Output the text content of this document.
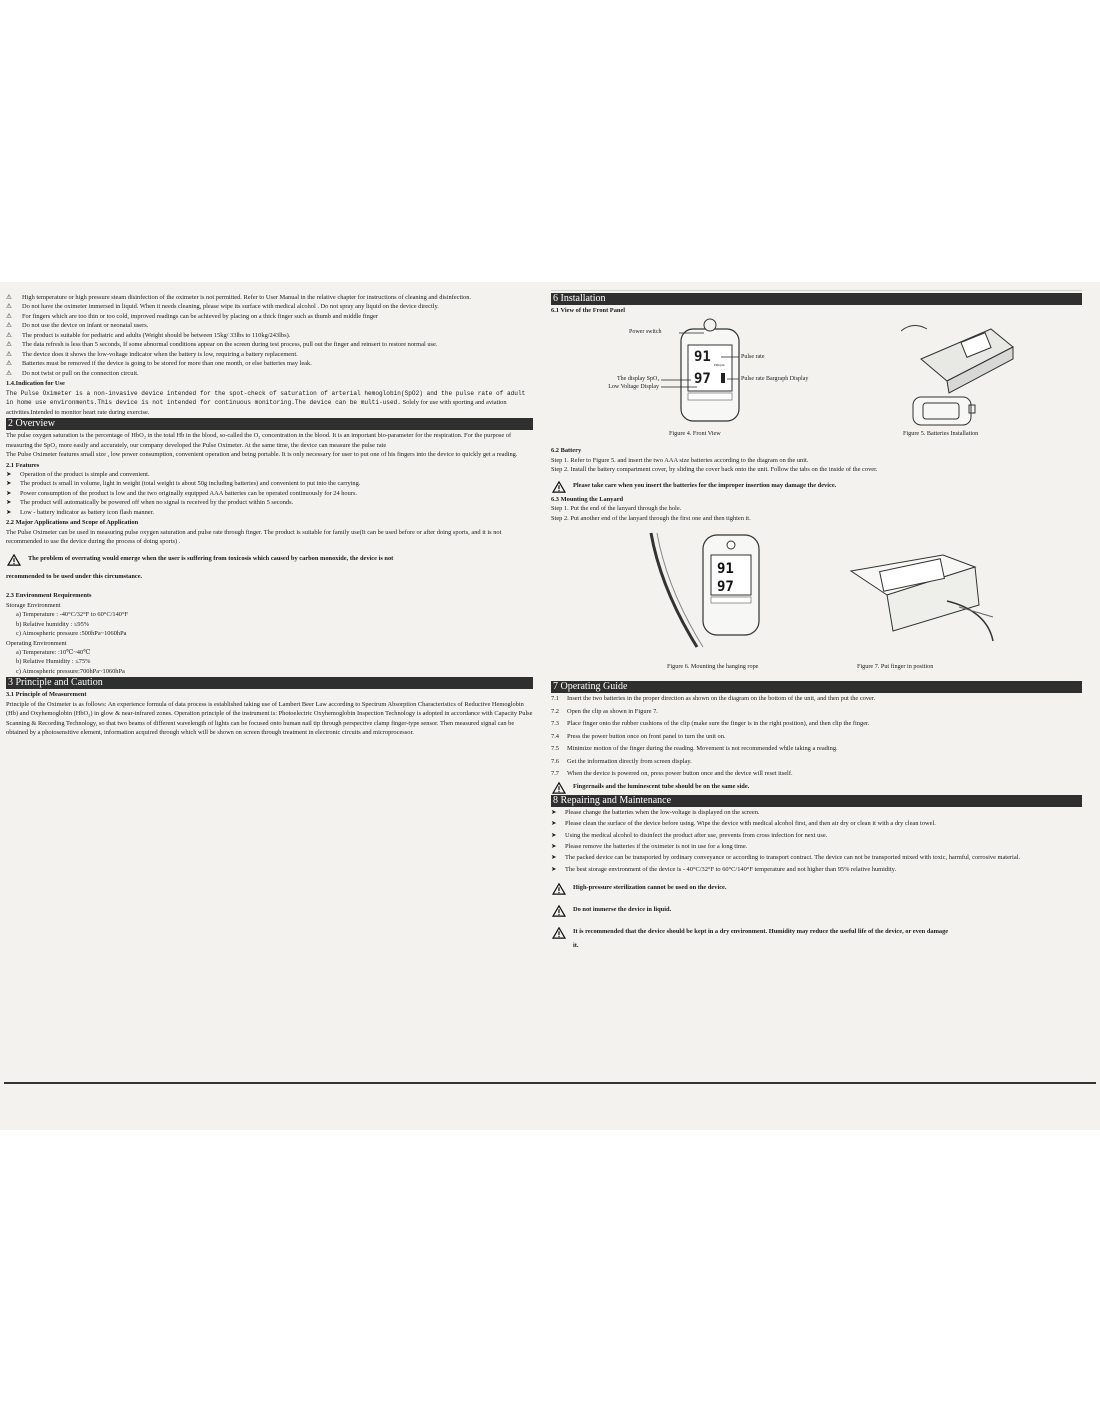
⚠ High temperature or high pressure steam disinfection of the oximeter is not permitted. Refer to User Manual in the relative chapter for instructions of cleaning and disinfection.
⚠ Do not have the oximeter immersed in liquid. When it needs cleaning, please wipe its surface with medical alcohol . Do not spray any liquid on the device directly.
⚠ For fingers which are too thin or too cold, improved readings can be achieved by placing on a thick finger such as thumb and middle finger
⚠ Do not use the device on infant or neonatal users.
⚠ The product is suitable for pediatric and adults (Weight should be between 15kg/ 33lbs to 110kg/243lbs).
⚠ The data refresh is less than 5 seconds, If some abnormal conditions appear on the screen during test process, pull out the finger and reinsert to restore normal use.
⚠ The device does it shows the low-voltage indicator when the battery is low, requiring a battery replacement.
⚠ Batteries must be removed if the device is going to be stored for more than one month, or else batteries may leak.
⚠ Do not twist or pull on the connection circuit.
1.4.Indication for Use
The Pulse Oximeter is a non-invasive device intended for the spot-check of saturation of arterial hemoglobin(SpO2) and the pulse rate of adult in home use environments.This device is not intended for continuous monitoring.The device can be multi-used. Solely for use with sporting and aviation activities.Intended to monitor heart rate during exercise.
2 Overview

The pulse oxygen saturation is the percentage of HbO₂ in the total Hb in the blood, so-called the O₂ concentration in the blood. It is an important bio-parameter for the respiration. For the purpose of measuring the SpO₂ more easily and accurately, our company developed the Pulse Oximeter. At the same time, the device can measure the pulse rate

The Pulse Oximeter features small size , low power consumption, convenient operation and being portable. It is only necessary for user to put one of his fingers into the device to quickly get a reading.

2.1 Features
➤ Operation of the product is simple and convenient.
➤ The product is small in volume, light in weight (total weight is about 50g including batteries) and convenient to put into the carrying.
➤ Power consumption of the product is low and the two originally equipped AAA batteries can be operated continuously for 24 hours.
➤ The product will automatically be powered off when no signal is received by the product within 5 seconds.
➤ Low - battery indicator as battery icon flash manner.
2.2 Major Applications and Scope of Application

The Pulse Oximeter can be used in measuring pulse oxygen saturation and pulse rate through finger. The product is suitable for family use(It can be used before or after doing sports, and it is not recommended to use the device during the process of doing sports) .

The problem of overrating would emerge when the user is suffering from toxicosis which caused by carbon monoxide, the device is not
recommended to be used under this circumstance.
2.3 Environment Requirements
Storage Environment
a) Temperature : -40°C/32°F to 60°C/140°F
b) Relative humidity : ≤95%
c) Atmospheric pressure :500hPa~1060hPa
Operating Environment
a) Temperature: :10℃~40℃
b) Relative Humidity : ≤75%
c) Atmospheric pressure:700hPa~1060hPa
3 Principle and Caution
3.1 Principle of Measurement

Principle of the Oximeter is as follows: An experience formula of data process is established taking use of Lambert Beer Law according to Spectrum Absorption Characteristics of Reductive Hemoglobin (Hb) and Oxyhemoglobin (HbO₂) in glow & near-infrared zones. Operation principle of the instrument is: Photoelectric Oxyhemoglobin Inspection Technology is adopted in accordance with Capacity Pulse Scanning & Recording Technology, so that two beams of different wavelength of lights can be focused onto human nail tip through perspective clamp finger-type sensor. Then measured signal can be obtained by a photosensitive element, information acquired through which will be shown on screen through treatment in electronic circuits and microprocessor.

6 Installation
6.1 View of the Front Panel
Power switch
The display SpO₂
Low Voltage Display
Pulse rate
Pulse rate Bargraph Display
91
97
PRbpm
Figure 4. Front View	Figure 5. Batteries Installation
6.2 Battery
Step 1. Refer to Figure 5. and insert the two AAA size batteries according to the diagram on the unit.
Step 2. Install the battery compartment cover, by sliding the cover back onto the unit. Follow the tabs on the inside of the cover.
Please take care when you insert the batteries for the improper insertion may damage the device.
6.3 Mounting the Lanyard
Step 1. Put the end of the lanyard through the hole.
Step 2. Put another end of the lanyard through the first one and then tighten it.
91
97
Figure 6. Mounting the hanging rope	Figure 7. Put finger in position
7 Operating Guide
7.1 Insert the two batteries in the proper direction as shown on the diagram on the bottom of the unit, and then put the cover.
7.2 Open the clip as shown in Figure 7.
7.3 Place finger onto the rubber cushions of the clip (make sure the finger is in the right position), and then clip the finger.
7.4 Press the power button once on front panel to turn the unit on.
7.5 Minimize motion of the finger during the reading. Movement is not recommended while taking a reading.
7.6 Get the information directly from screen display.
7.7 When the device is powered on, press power button once and the device will reset itself.
Fingernails and the luminescent tube should be on the same side.
8 Repairing and Maintenance
➤ Please change the batteries when the low-voltage is displayed on the screen.
➤ Please clean the surface of the device before using. Wipe the device with medical alcohol first, and then air dry or clean it with a dry clean towel.
➤ Using the medical alcohol to disinfect the product after use, prevents from cross infection for next use.
➤ Please remove the batteries if the oximeter is not in use for a long time.
➤ The packed device can be transported by ordinary conveyance or according to transport contract. The device can not be transported mixed with toxic, harmful, corrosive material.
➤ The best storage environment of the device is - 40°C/32°F to 60°C/140°F temperature and not higher than 95% relative humidity.
High-pressure sterilization cannot be used on the device.
Do not immerse the device in liquid.
It is recommended that the device should be kept in a dry environment. Humidity may reduce the useful life of the device, or even damage
it.
